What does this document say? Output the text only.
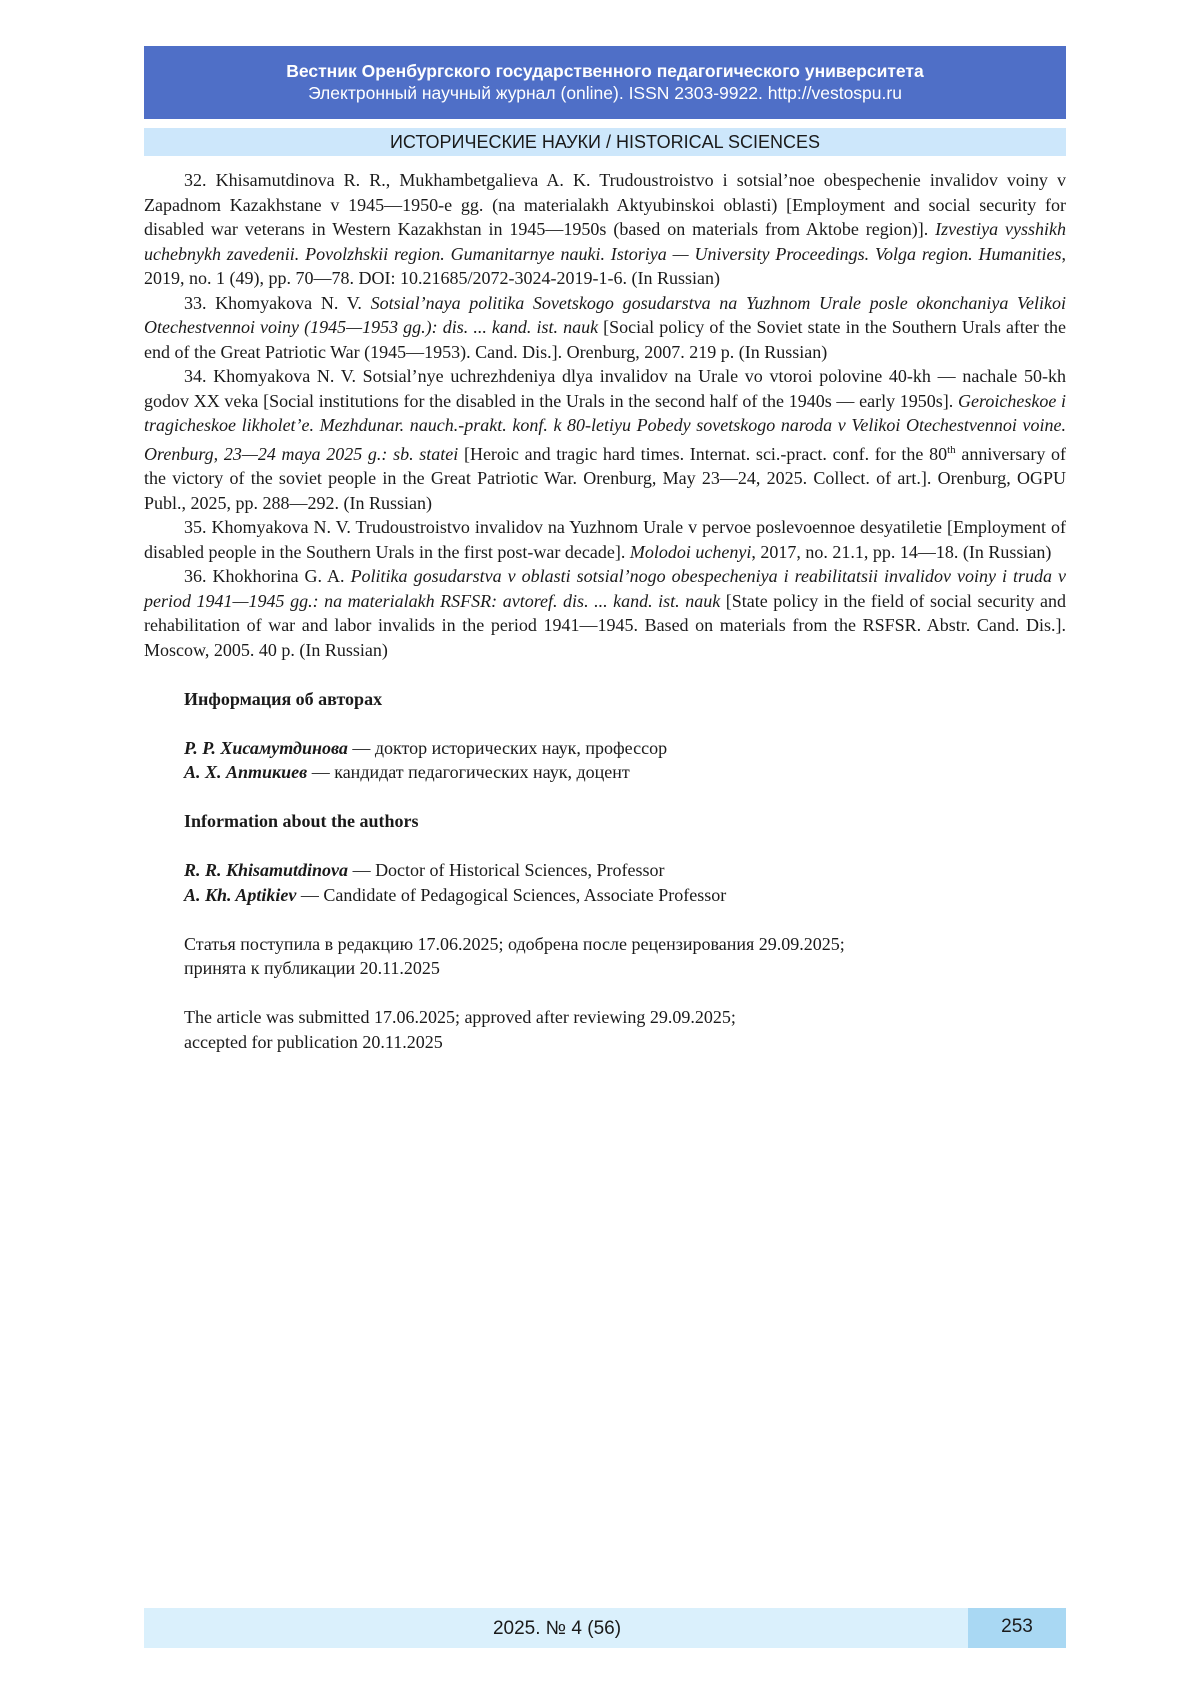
Вестник Оренбургского государственного педагогического университета
Электронный научный журнал (online). ISSN 2303-9922. http://vestospu.ru
ИСТОРИЧЕСКИЕ НАУКИ / HISTORICAL SCIENCES

32. Khisamutdinova R. R., Mukhambetgalieva A. K. Trudoustroistvo i sotsial’noe obespechenie invalidov voiny v Zapadnom Kazakhstane v 1945—1950-e gg. (na materialakh Aktyubinskoi oblasti) [Employment and social security for disabled war veterans in Western Kazakhstan in 1945—1950s (based on materials from Aktobe region)]. Izvestiya vysshikh uchebnykh zavedenii. Povolzhskii region. Gumanitarnye nauki. Istoriya — University Proceedings. Volga region. Humanities, 2019, no. 1 (49), pp. 70—78. DOI: 10.21685/2072-3024-2019-1-6. (In Russian)

33. Khomyakova N. V. Sotsial’naya politika Sovetskogo gosudarstva na Yuzhnom Urale posle okonchaniya Velikoi Otechestvennoi voiny (1945—1953 gg.): dis. ... kand. ist. nauk [Social policy of the Soviet state in the Southern Urals after the end of the Great Patriotic War (1945—1953). Cand. Dis.]. Orenburg, 2007. 219 p. (In Russian)

34. Khomyakova N. V. Sotsial’nye uchrezhdeniya dlya invalidov na Urale vo vtoroi polovine 40-kh — nachale 50-kh godov XX veka [Social institutions for the disabled in the Urals in the second half of the 1940s — early 1950s]. Geroicheskoe i tragicheskoe likholet’e. Mezhdunar. nauch.-prakt. konf. k 80-letiyu Pobedy sovetskogo naroda v Velikoi Otechestvennoi voine. Orenburg, 23—24 maya 2025 g.: sb. statei [Heroic and tragic hard times. Internat. sci.-pract. conf. for the 80th anniversary of the victory of the soviet people in the Great Patriotic War. Orenburg, May 23—24, 2025. Collect. of art.]. Orenburg, OGPU Publ., 2025, pp. 288—292. (In Russian)

35. Khomyakova N. V. Trudoustroistvo invalidov na Yuzhnom Urale v pervoe poslevoennoe desyatiletie [Employment of disabled people in the Southern Urals in the first post-war decade]. Molodoi uchenyi, 2017, no. 21.1, pp. 14—18. (In Russian)

36. Khokhorina G. A. Politika gosudarstva v oblasti sotsial’nogo obespecheniya i reabilitatsii invalidov voiny i truda v period 1941—1945 gg.: na materialakh RSFSR: avtoref. dis. ... kand. ist. nauk [State policy in the field of social security and rehabilitation of war and labor invalids in the period 1941—1945. Based on materials from the RSFSR. Abstr. Cand. Dis.]. Moscow, 2005. 40 p. (In Russian)

Информация об авторах

Р. Р. Хисамутдинова — доктор исторических наук, профессор

А. Х. Аптикиев — кандидат педагогических наук, доцент

Information about the authors

R. R. Khisamutdinova — Doctor of Historical Sciences, Professor

A. Kh. Aptikiev — Candidate of Pedagogical Sciences, Associate Professor

Статья поступила в редакцию 17.06.2025; одобрена после рецензирования 29.09.2025;

принята к публикации 20.11.2025

The article was submitted 17.06.2025; approved after reviewing 29.09.2025;

accepted for publication 20.11.2025

2025. № 4 (56)	253
